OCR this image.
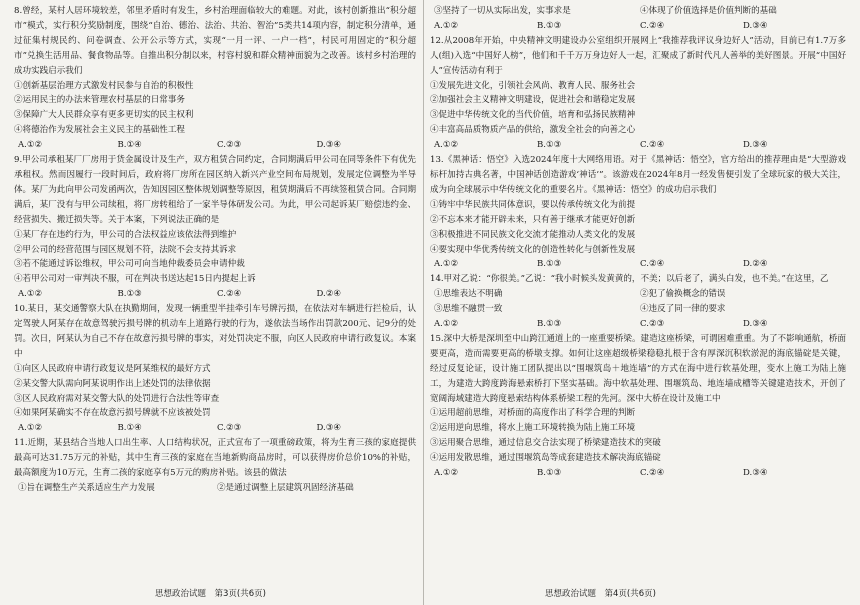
8.曾经，某村人居环境较差，邻里矛盾时有发生，乡村治理面临较大的难题。对此，该村创新推出“积分超市”模式，实行积分奖励制度，围绕“自治、德治、法治、共治、智治”5类共14项内容，制定积分清单，通过征集村规民约、问卷调查、公开公示等方式，实现“一月一评、一户一档”，村民可用固定的“积分超市”兑换生活用品、餐食物品等。自推出积分制以来，村容村貌和群众精神面貌为之改善。该村乡村治理的成功实践启示我们

①创新基层治理方式激发村民参与自治的积极性

②运用民主的办法来管理农村基层的日常事务

③保障广大人民群众享有更多更切实的民主权利

④将德治作为发展社会主义民主的基础性工程

A.①②	B.①④	C.②③	D.③④

9.甲公司承租某厂厂房用于货金属设计及生产，双方租赁合同约定，合同期满后甲公司在同等条件下有优先承租权。然而因履行一段时间后，政府将厂房所在园区纳入新兴产业空间布局规划，发展定位调整为半导体。某厂为此向甲公司发函两次，告知因园区整体规划调整等原因，租赁期满后不再续签租赁合同。合同期满后，某厂没有与甲公司续租，将厂房转租给了一家半导体研发公司。为此，甲公司起诉某厂赔偿违约金、经营损失、搬迁损失等。关于本案，下列说法正确的是

①某厂存在违约行为，甲公司的合法权益应该依法得到维护

②甲公司的经营范围与园区规划不符，法院不会支持其诉求

③若不能通过诉讼维权，甲公司可向当地仲裁委员会申请仲裁

④若甲公司对一审判决不服，可在判决书送达起15日内提起上诉

A.①②	B.①③	C.②④	D.②④

10.某日，某交通警察大队在执勤期间，发现一辆重型半挂牵引车号牌污损，在依法对车辆进行拦检后，认定驾驶人阿某存在故意驾驶污损号牌的机动车上道路行驶的行为，遂依法当场作出罚款200元、记9分的处罚。次日，阿某认为自己不存在故意污损号牌的事实，对处罚决定不服，向区人民政府申请行政复议。本案中

①向区人民政府申请行政复议是阿某维权的最好方式

②某交警大队需向阿某说明作出上述处罚的法律依据

③区人民政府需对某交警大队的处罚进行合法性等审查

④如果阿某确实不存在故意污损号牌就不应该被处罚

A.①②	B.①④	C.②③	D.③④

11.近期，某县结合当地人口出生率、人口结构状况，正式宣布了一项重磅政策，将为生育三孩的家庭提供最高可达31.75万元的补贴，其中生育三孩的家庭在当地新购商品房时，可以获得房价总价10%的补贴，最高额度为10万元，生育二孩的家庭享有5万元的购房补贴。该县的做法

①旨在调整生产关系适应生产力发展	②是通过调整上层建筑巩固经济基础
③坚持了一切从实际出发，实事求是	④体现了价值选择是价值判断的基础
A.①②	B.①③	C.②④	D.③④

12.从2008年开始，中央精神文明建设办公室组织开展网上“我推荐我评议身边好人”活动，目前已有1.7万多人(组)入选“中国好人榜”，他们和千千万万身边好人一起，汇聚成了新时代凡人善举的美好图景。开展“中国好人”宣传活动有利于

①发展先进文化，引领社会风尚、教育人民、服务社会

②加强社会主义精神文明建设，促进社会和谐稳定发展

③促进中华传统文化的当代价值，培育和弘扬民族精神

④丰富高品质物质产品的供给，激发全社会的向善之心

A.①②	B.①③	C.②④	D.③④

13.《黑神话：悟空》入选2024年度十大网络用语。对于《黑神话：悟空》，官方给出的推荐理由是“大型游戏标杆加持古典名著，中国神话创造游戏‘神话’”。该游戏在2024年8月一经发售便引发了全球玩家的极大关注，成为向全球展示中华传统文化的重要名片。《黑神话：悟空》的成功启示我们

①铸牢中华民族共同体意识，要以传承传统文化为前提

②不忘本来才能开辟未来，只有善于继承才能更好创新

③积极推进不同民族文化交流才能推动人类文化的发展

④要实现中华优秀传统文化的创造性转化与创新性发展

A.①②	B.①③	C.②④	D.②④

14.甲对乙说：“你很美。”乙说：“我小时候头发黄黄的，不美；以后老了，满头白发，也不美。”在这里，乙

①思维表达不明确	②犯了偷换概念的错误
③思维不融贯一致	④违反了同一律的要求
A.①②	B.①③	C.②③	D.③④

15.深中大桥是深圳至中山跨江通道上的一座重要桥梁。建造这座桥梁，可谓困难重重。为了不影响通航，桥面要更高，造而需要更高的桥墩支撑。如何让这座超级桥梁稳稳扎根于含有厚深沉积软淤泥的海底锚碇是关键，经过反复论证，设计施工团队提出以“围堰筑岛＋地连墙”的方式在海中进行软基处理，变水上施工为陆上施工，为建造大跨度跨海悬索桥打下坚实基础。海中软基处理、围堰筑岛、地连墙成槽等关键建造技术，开创了宽阔海域建造大跨度悬索结构体系桥梁工程的先河。深中大桥在设计及施工中

①运用超前思维，对桥面的高度作出了科学合理的判断

②运用逆向思维，将水上施工环境转换为陆上施工环境

③运用聚合思维，通过信息交合法实现了桥梁建造技术的突破

④运用发散思维，通过围堰筑岛等成套建造技术解决海底锚碇

A.①②	B.①③	C.②④	D.③④
思想政治试题　第3页(共6页)	思想政治试题　第4页(共6页)
